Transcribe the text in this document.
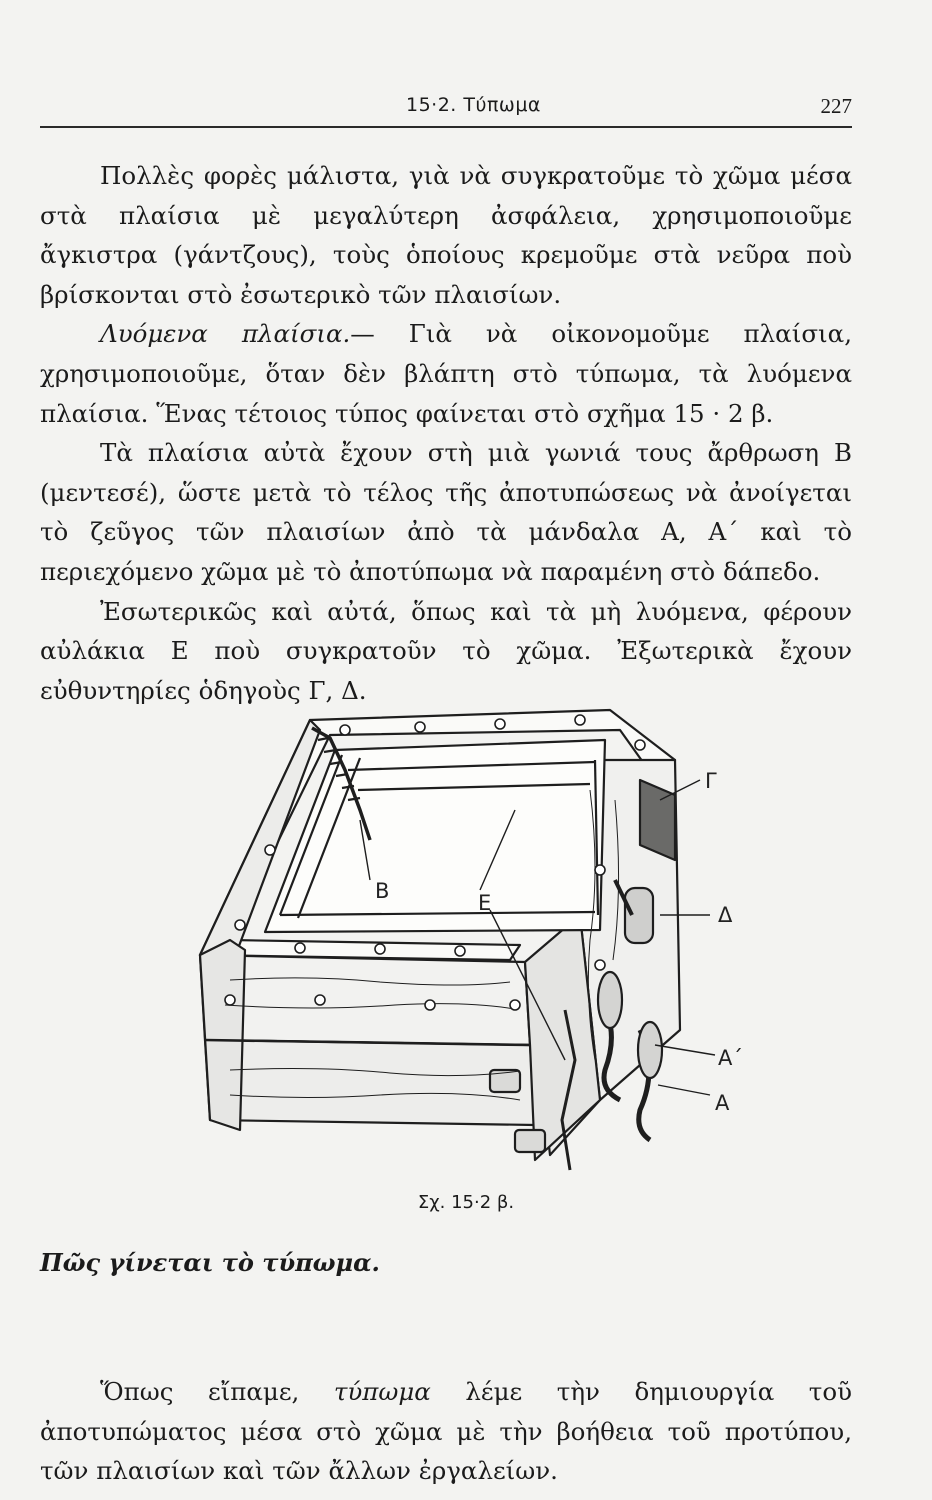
15·2. Τύπωμα	227

Πολλὲς φορὲς μάλιστα, γιὰ νὰ συγκρατοῦμε τὸ χῶμα μέσα στὰ πλαίσια μὲ μεγαλύτερη ἀσφάλεια, χρησιμοποιοῦμε ἄγκιστρα (γάντζους), τοὺς ὁποίους κρεμοῦμε στὰ νεῦρα ποὺ βρίσκονται στὸ ἐσωτερικὸ τῶν πλαισίων.

Λυόμενα πλαίσια.— Γιὰ νὰ οἰκονομοῦμε πλαίσια, χρησιμοποιοῦμε, ὅταν δὲν βλάπτη στὸ τύπωμα, τὰ λυόμενα πλαίσια. Ἕνας τέτοιος τύπος φαίνεται στὸ σχῆμα 15 · 2 β.

Τὰ πλαίσια αὐτὰ ἔχουν στὴ μιὰ γωνιά τους ἄρθρωση Β (μεντεσέ), ὥστε μετὰ τὸ τέλος τῆς ἀποτυπώσεως νὰ ἀνοίγεται τὸ ζεῦγος τῶν πλαισίων ἀπὸ τὰ μάνδαλα Α, Α΄ καὶ τὸ περιεχόμενο χῶμα μὲ τὸ ἀποτύπωμα νὰ παραμένη στὸ δάπεδο.

Ἐσωτερικῶς καὶ αὐτά, ὅπως καὶ τὰ μὴ λυόμενα, φέρουν αὐλάκια Ε ποὺ συγκρατοῦν τὸ χῶμα. Ἐξωτερικὰ ἔχουν εὐθυντηρίες ὁδηγοὺς Γ, Δ.

B	E
Γ
Δ
Α΄
Α
Σχ. 15·2 β.
Πῶς γίνεται τὸ τύπωμα.

Ὅπως εἴπαμε, τύπωμα λέμε τὴν δημιουργία τοῦ ἀποτυπώματος μέσα στὸ χῶμα μὲ τὴν βοήθεια τοῦ προτύπου, τῶν πλαισίων καὶ τῶν ἄλλων ἐργαλείων.
